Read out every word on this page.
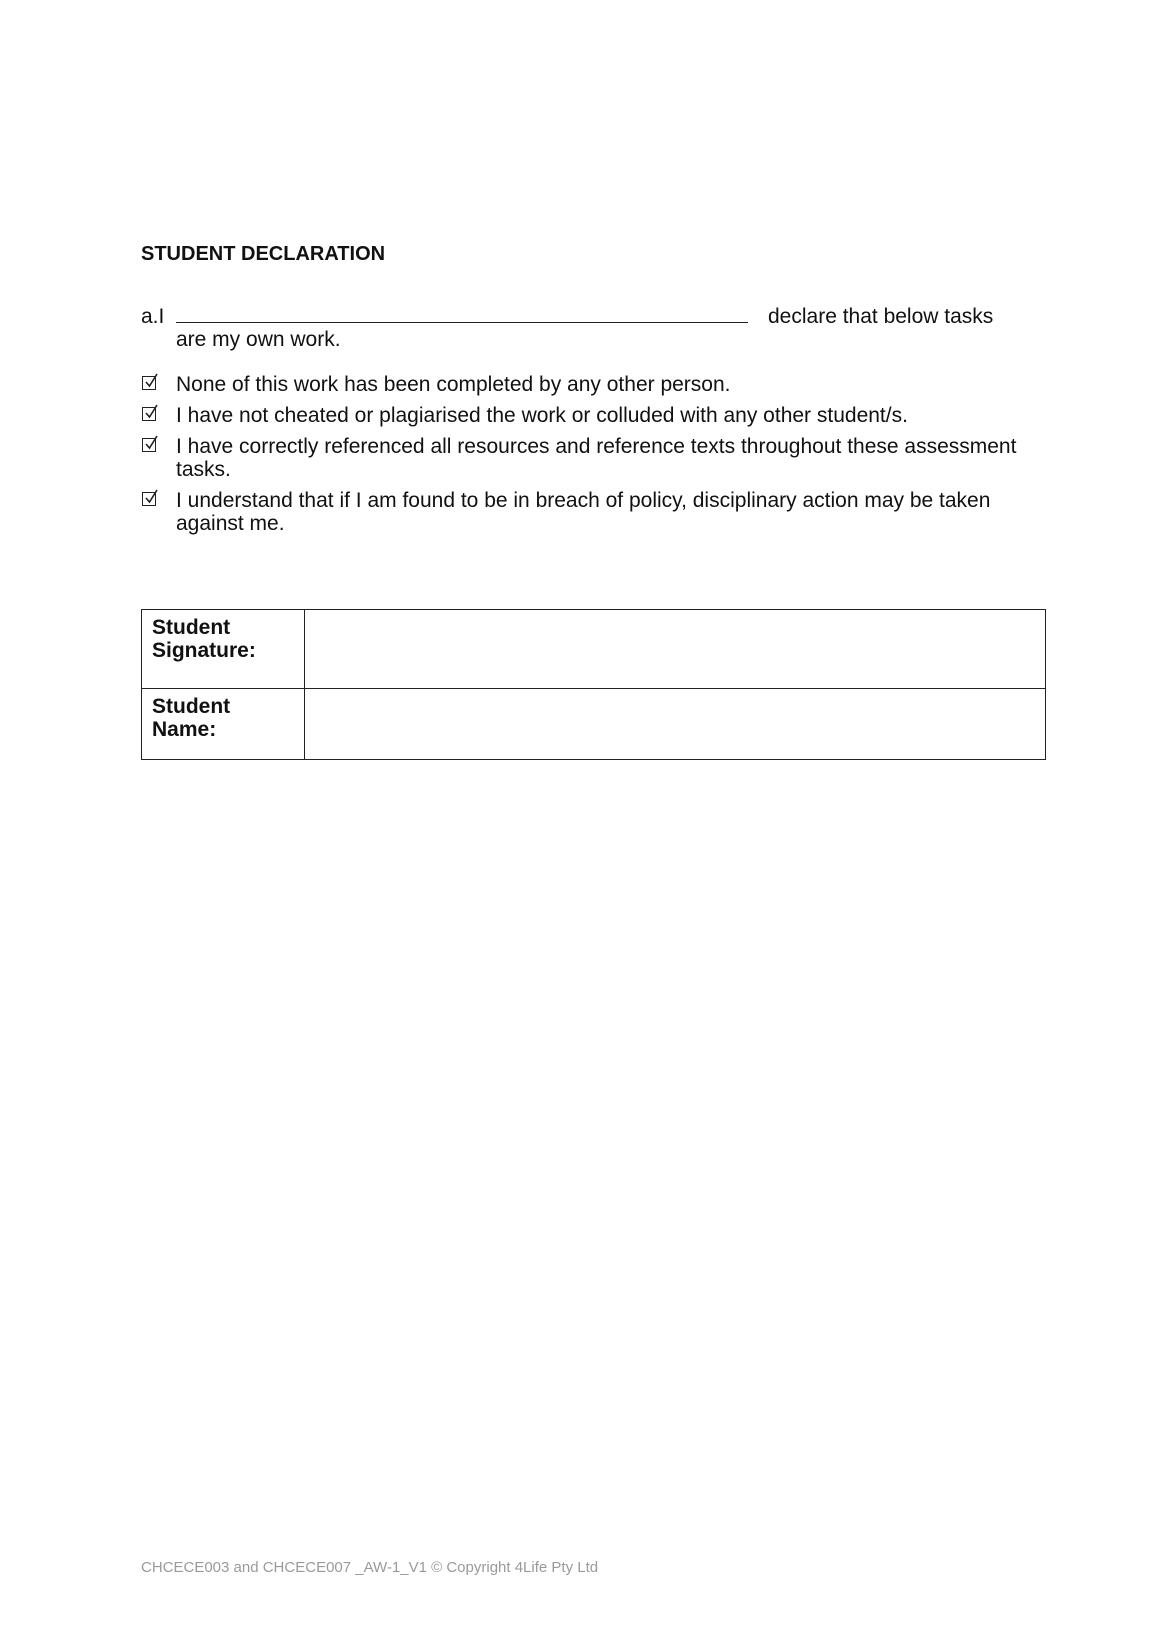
STUDENT DECLARATION
a.I	declare that below tasks
are my own work.
None of this work has been completed by any other person.
I have not cheated or plagiarised the work or colluded with any other student/s.
I have correctly referenced all resources and reference texts throughout these assessment tasks.
I understand that if I am found to be in breach of policy, disciplinary action may be taken against me.
Student Signature:	
Student Name:	
CHCECE003 and CHCECE007 _AW-1_V1 © Copyright 4Life Pty Ltd
